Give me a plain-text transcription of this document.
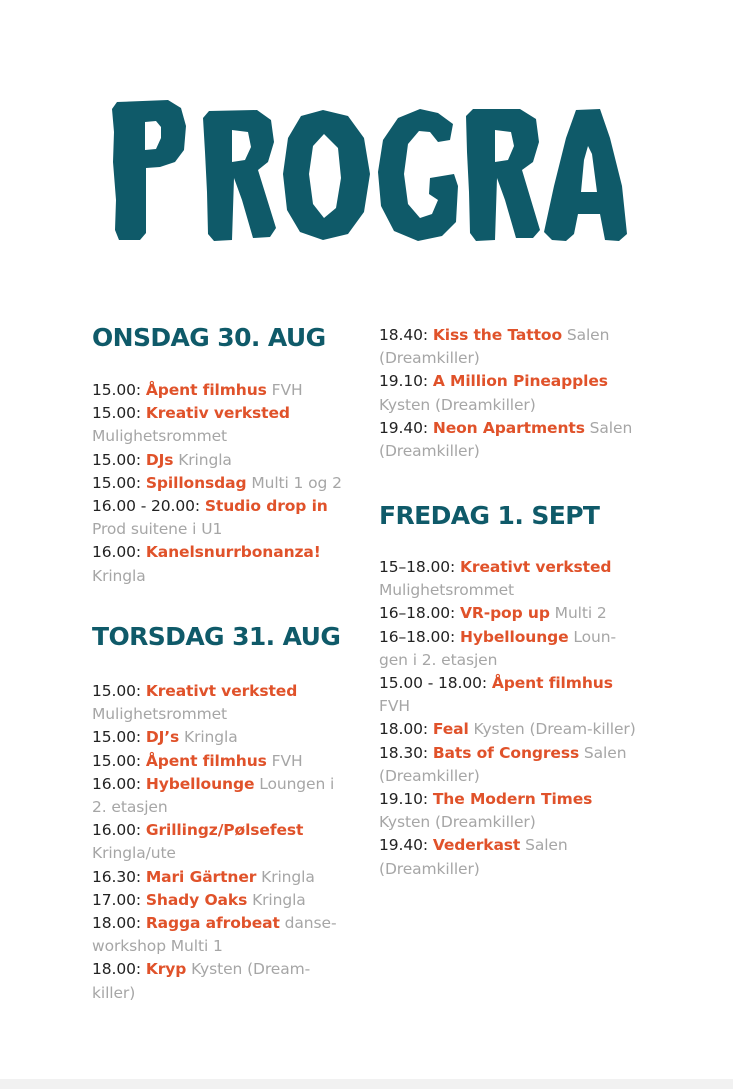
ONSDAG 30. AUG
15.00: Åpent filmhus FVH
15.00: Kreativ verksted
Mulighetsrommet
15.00: DJs Kringla
15.00: Spillonsdag Multi 1 og 2
16.00 - 20.00: Studio drop in
Prod suitene i U1
16.00: Kanelsnurrbonanza!
Kringla
TORSDAG 31. AUG
15.00: Kreativt verksted
Mulighetsrommet
15.00: DJ’s Kringla
15.00: Åpent filmhus FVH
16.00: Hybellounge Loungen i 2. etasjen
16.00: Grillingz/Pølsefest
Kringla/ute
16.30: Mari Gärtner Kringla
17.00: Shady Oaks Kringla
18.00: Ragga afrobeat danse-workshop Multi 1
18.00: Kryp Kysten (Dream-killer)
18.40: Kiss the Tattoo Salen (Dreamkiller)
19.10: A Million Pineapples Kysten (Dreamkiller)
19.40: Neon Apartments Salen (Dreamkiller)
FREDAG 1. SEPT
15–18.00: Kreativt verksted
Mulighetsrommet
16–18.00: VR-pop up Multi 2
16–18.00: Hybellounge Loun-gen i 2. etasjen
15.00 - 18.00: Åpent filmhus
FVH
18.00: Feal Kysten (Dream-killer)
18.30: Bats of Congress Salen (Dreamkiller)
19.10: The Modern Times
Kysten (Dreamkiller)
19.40: Vederkast Salen (Dreamkiller)
